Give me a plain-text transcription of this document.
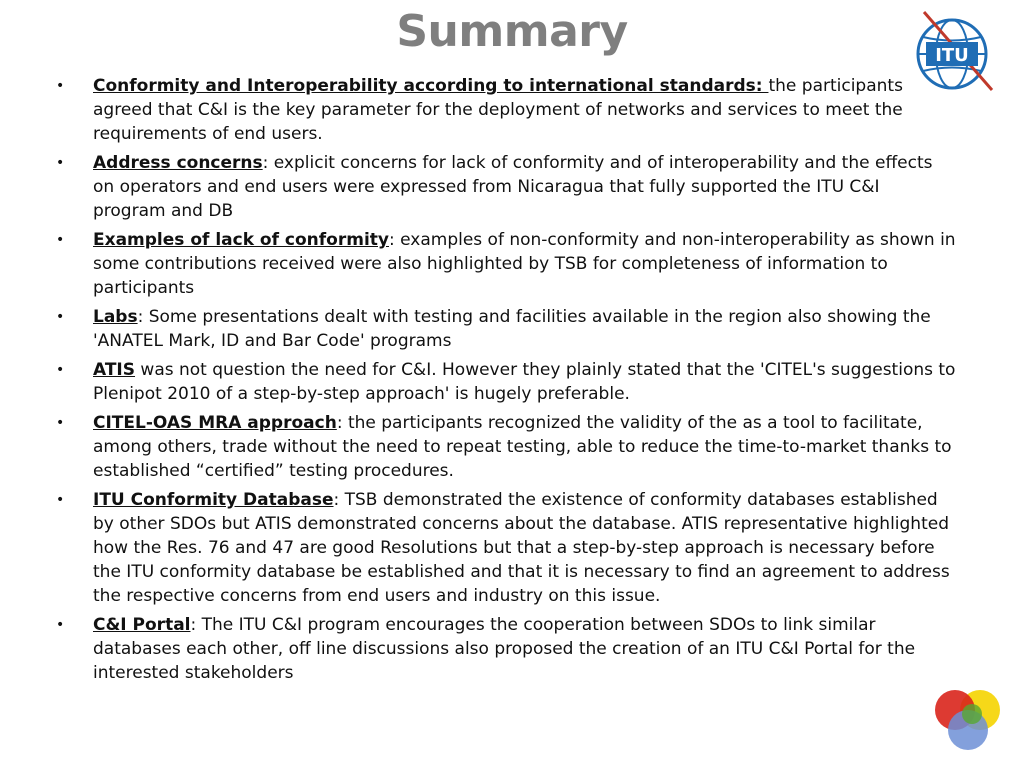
Summary	ITU
• Conformity and Interoperability according to international standards: the participants agreed that C&I is the key parameter for the deployment of networks and services to meet the requirements of end users.
• Address concerns: explicit concerns for lack of conformity and of interoperability and the effects on operators and end users were expressed from Nicaragua that fully supported the ITU C&I program and DB
• Examples of lack of conformity: examples of non-conformity and non-interoperability as shown in some contributions received were also highlighted by TSB for completeness of information to participants
• Labs: Some presentations dealt with testing and facilities available in the region also showing the 'ANATEL Mark, ID and Bar Code' programs
• ATIS was not question the need for C&I. However they plainly stated that the 'CITEL's suggestions to Plenipot 2010 of a step-by-step approach' is hugely preferable.
• CITEL-OAS MRA approach: the participants recognized the validity of the as a tool to facilitate, among others, trade without the need to repeat testing, able to reduce the time-to-market thanks to established “certified” testing procedures.
• ITU Conformity Database: TSB demonstrated the existence of conformity databases established by other SDOs but ATIS demonstrated concerns about the database. ATIS representative highlighted how the Res. 76 and 47 are good Resolutions but that a step-by-step approach is necessary before the ITU conformity database be established and that it is necessary to find an agreement to address the respective concerns from end users and industry on this issue.
• C&I Portal: The ITU C&I program encourages the cooperation between SDOs to link similar databases each other, off line discussions also proposed the creation of an ITU C&I Portal for the interested stakeholders
